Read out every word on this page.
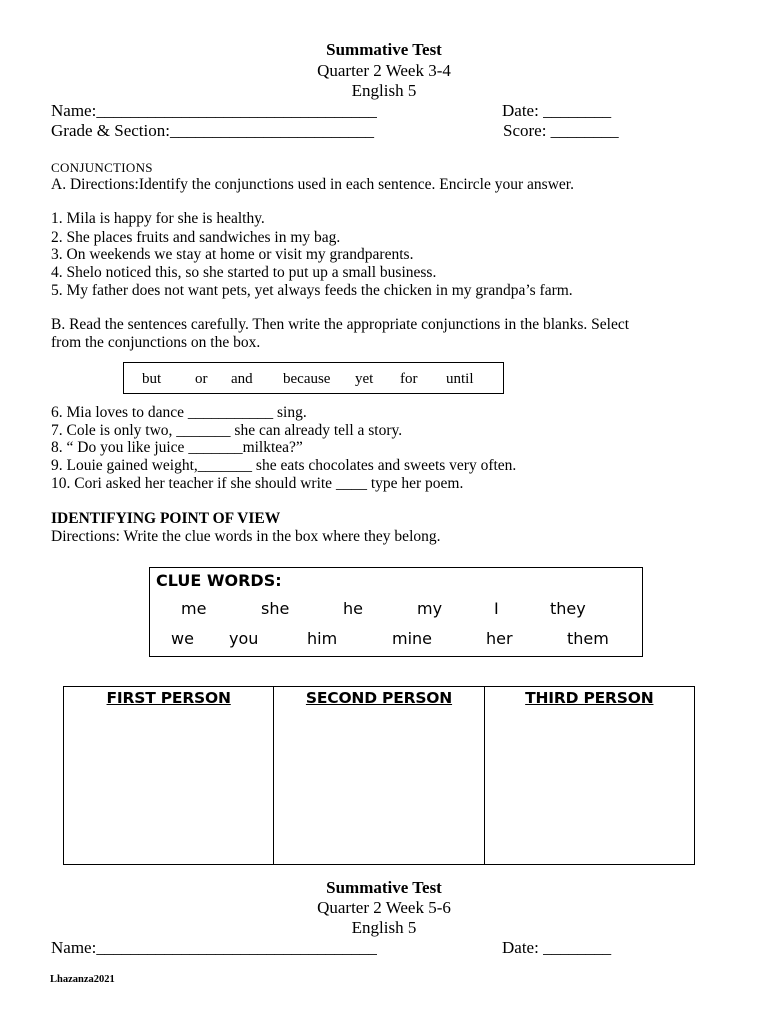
Summative Test
Quarter 2 Week 3-4
English 5
Name:_________________________________	Date: ________
Grade & Section:________________________	Score: ________
CONJUNCTIONS
A. Directions:Identify the conjunctions used in each sentence. Encircle your answer.
1. Mila is happy for she is healthy.
2. She places fruits and sandwiches in my bag.
3. On weekends we stay at home or visit my grandparents.
4. Shelo noticed this, so she started to put up a small business.
5. My father does not want pets, yet always feeds the chicken in my grandpa’s farm.
B. Read the sentences carefully. Then write the appropriate conjunctions in the blanks. Select
from the conjunctions on the box.
but or and because yet for until
6. Mia loves to dance ___________ sing.
7. Cole is only two, _______ she can already tell a story.
8. “ Do you like juice _______milktea?”
9. Louie gained weight,_______ she eats chocolates and sweets very often.
10. Cori asked her teacher if she should write ____ type her poem.
IDENTIFYING POINT OF VIEW
Directions: Write the clue words in the box where they belong.
CLUE WORDS:
me	she	he	my	I	they
we you	him	mine	her	them
FIRST PERSON	SECOND PERSON	THIRD PERSON
Summative Test
Quarter 2 Week 5-6
English 5
Name:_________________________________	Date: ________
Lhazanza2021
